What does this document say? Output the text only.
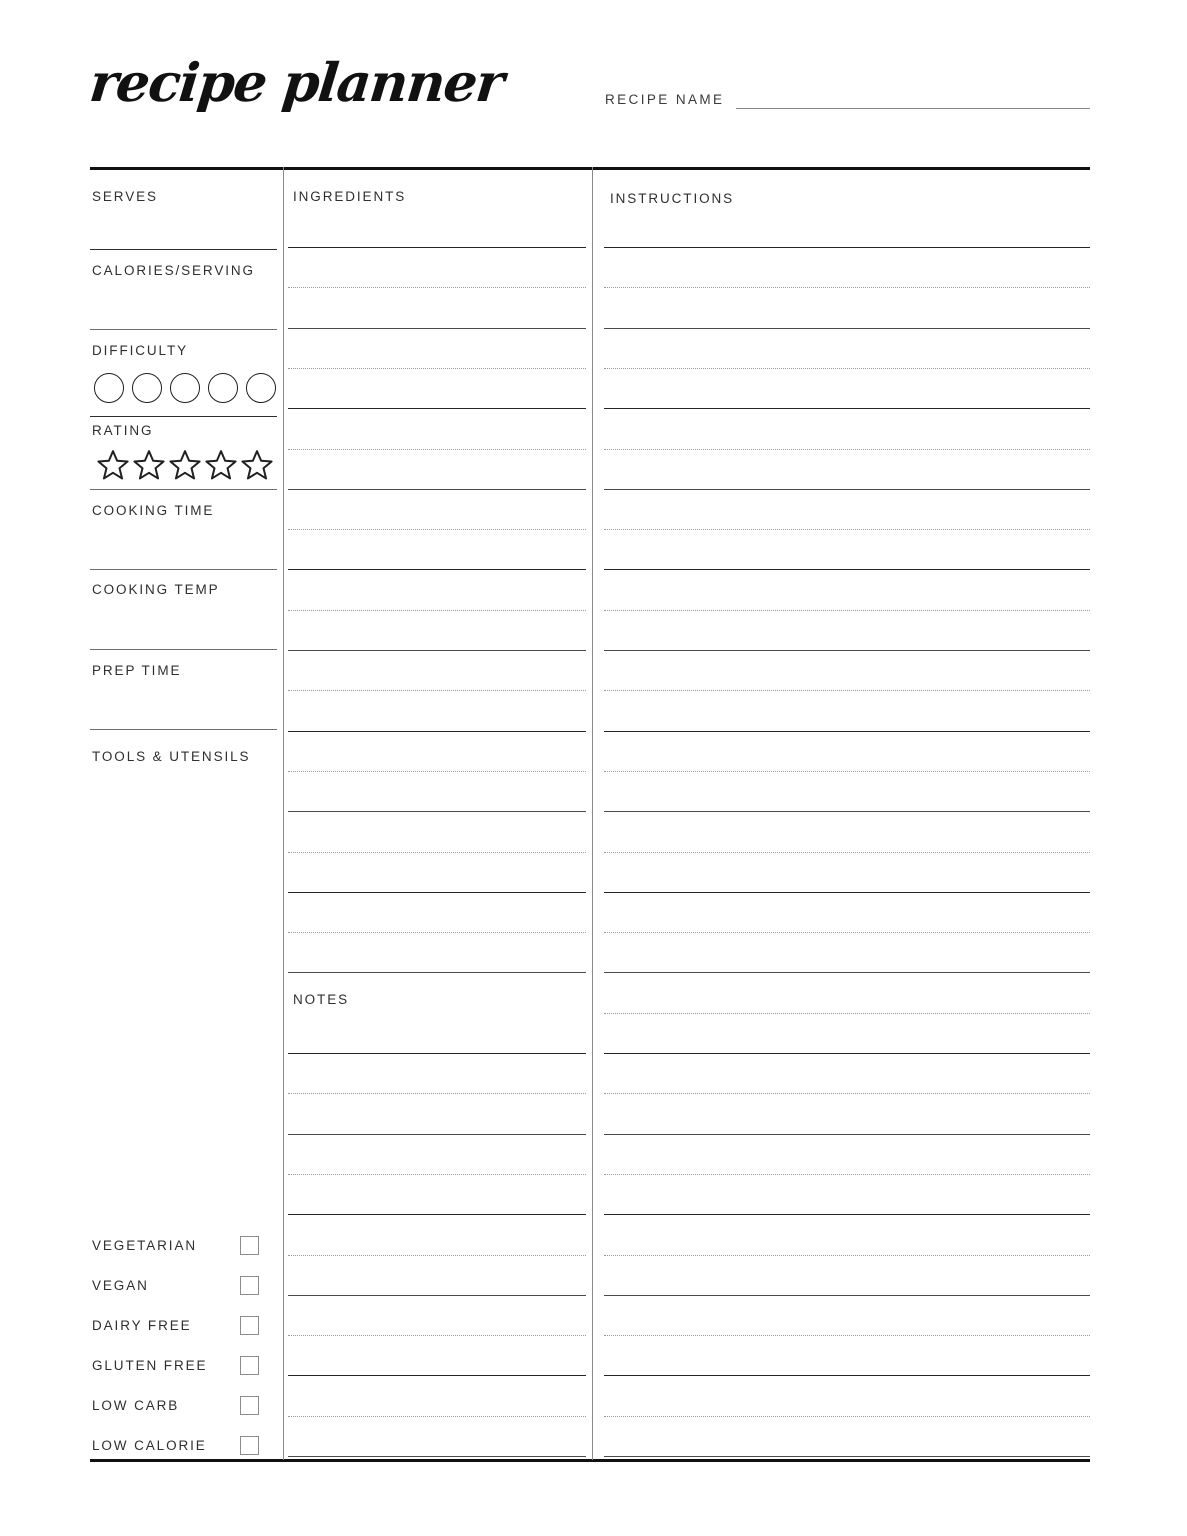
recipe planner	RECIPE NAME
SERVES
CALORIES/SERVING
DIFFICULTY
RATING
COOKING TIME
COOKING TEMP
PREP TIME
TOOLS & UTENSILS
VEGETARIAN
VEGAN
DAIRY FREE
GLUTEN FREE
LOW CARB
LOW CALORIE
INGREDIENTS
NOTES
INSTRUCTIONS
